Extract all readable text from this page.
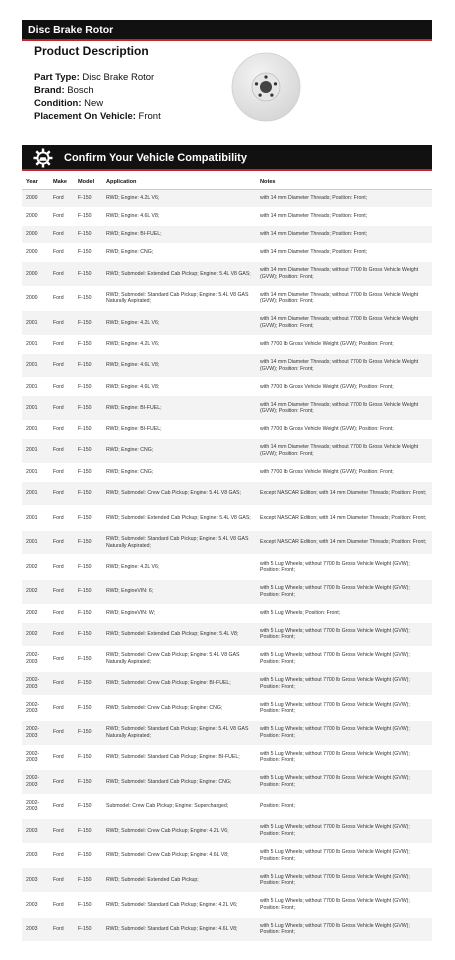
Disc Brake Rotor
Product Description
Part Type: Disc Brake Rotor
Brand: Bosch
Condition: New
Placement On Vehicle: Front
Confirm Your Vehicle Compatibility
Year	Make	Model	Application	Notes
2000	Ford	F-150	RWD; Engine: 4.2L V6;	with 14 mm Diameter Threads; Position: Front;
2000	Ford	F-150	RWD; Engine: 4.6L V8;	with 14 mm Diameter Threads; Position: Front;
2000	Ford	F-150	RWD; Engine: BI-FUEL;	with 14 mm Diameter Threads; Position: Front;
2000	Ford	F-150	RWD; Engine: CNG;	with 14 mm Diameter Threads; Position: Front;
2000	Ford	F-150	RWD; Submodel: Extended Cab Pickup; Engine: 5.4L V8 GAS;	with 14 mm Diameter Threads; without 7700 lb Gross Vehicle Weight (GVW); Position: Front;
2000	Ford	F-150	RWD; Submodel: Standard Cab Pickup; Engine: 5.4L V8 GAS Naturally Aspirated;	with 14 mm Diameter Threads; without 7700 lb Gross Vehicle Weight (GVW); Position: Front;
2001	Ford	F-150	RWD; Engine: 4.2L V6;	with 14 mm Diameter Threads; without 7700 lb Gross Vehicle Weight (GVW); Position: Front;
2001	Ford	F-150	RWD; Engine: 4.2L V6;	with 7700 lb Gross Vehicle Weight (GVW); Position: Front;
2001	Ford	F-150	RWD; Engine: 4.6L V8;	with 14 mm Diameter Threads; without 7700 lb Gross Vehicle Weight (GVW); Position: Front;
2001	Ford	F-150	RWD; Engine: 4.6L V8;	with 7700 lb Gross Vehicle Weight (GVW); Position: Front;
2001	Ford	F-150	RWD; Engine: BI-FUEL;	with 14 mm Diameter Threads; without 7700 lb Gross Vehicle Weight (GVW); Position: Front;
2001	Ford	F-150	RWD; Engine: BI-FUEL;	with 7700 lb Gross Vehicle Weight (GVW); Position: Front;
2001	Ford	F-150	RWD; Engine: CNG;	with 14 mm Diameter Threads; without 7700 lb Gross Vehicle Weight (GVW); Position: Front;
2001	Ford	F-150	RWD; Engine: CNG;	with 7700 lb Gross Vehicle Weight (GVW); Position: Front;
2001	Ford	F-150	RWD; Submodel: Crew Cab Pickup; Engine: 5.4L V8 GAS;	Except NASCAR Edition; with 14 mm Diameter Threads; Position: Front;
2001	Ford	F-150	RWD; Submodel: Extended Cab Pickup; Engine: 5.4L V8 GAS;	Except NASCAR Edition; with 14 mm Diameter Threads; Position: Front;
2001	Ford	F-150	RWD; Submodel: Standard Cab Pickup; Engine: 5.4L V8 GAS Naturally Aspirated;	Except NASCAR Edition; with 14 mm Diameter Threads; Position: Front;
2002	Ford	F-150	RWD; Engine: 4.2L V6;	with 5 Lug Wheels; without 7700 lb Gross Vehicle Weight (GVW); Position: Front;
2002	Ford	F-150	RWD; EngineVIN: 6;	with 5 Lug Wheels; without 7700 lb Gross Vehicle Weight (GVW); Position: Front;
2002	Ford	F-150	RWD; EngineVIN: W;	with 5 Lug Wheels; Position: Front;
2002	Ford	F-150	RWD; Submodel: Extended Cab Pickup; Engine: 5.4L V8;	with 5 Lug Wheels; without 7700 lb Gross Vehicle Weight (GVW); Position: Front;
2002-2003	Ford	F-150	RWD; Submodel: Crew Cab Pickup; Engine: 5.4L V8 GAS Naturally Aspirated;	with 5 Lug Wheels; without 7700 lb Gross Vehicle Weight (GVW); Position: Front;
2002-2003	Ford	F-150	RWD; Submodel: Crew Cab Pickup; Engine: BI-FUEL;	with 5 Lug Wheels; without 7700 lb Gross Vehicle Weight (GVW); Position: Front;
2002-2003	Ford	F-150	RWD; Submodel: Crew Cab Pickup; Engine: CNG;	with 5 Lug Wheels; without 7700 lb Gross Vehicle Weight (GVW); Position: Front;
2002-2003	Ford	F-150	RWD; Submodel: Standard Cab Pickup; Engine: 5.4L V8 GAS Naturally Aspirated;	with 5 Lug Wheels; without 7700 lb Gross Vehicle Weight (GVW); Position: Front;
2002-2003	Ford	F-150	RWD; Submodel: Standard Cab Pickup; Engine: BI-FUEL;	with 5 Lug Wheels; without 7700 lb Gross Vehicle Weight (GVW); Position: Front;
2002-2003	Ford	F-150	RWD; Submodel: Standard Cab Pickup; Engine: CNG;	with 5 Lug Wheels; without 7700 lb Gross Vehicle Weight (GVW); Position: Front;
2002-2003	Ford	F-150	Submodel: Crew Cab Pickup; Engine: Supercharged;	Position: Front;
2003	Ford	F-150	RWD; Submodel: Crew Cab Pickup; Engine: 4.2L V6;	with 5 Lug Wheels; without 7700 lb Gross Vehicle Weight (GVW); Position: Front;
2003	Ford	F-150	RWD; Submodel: Crew Cab Pickup; Engine: 4.6L V8;	with 5 Lug Wheels; without 7700 lb Gross Vehicle Weight (GVW); Position: Front;
2003	Ford	F-150	RWD; Submodel: Extended Cab Pickup;	with 5 Lug Wheels; without 7700 lb Gross Vehicle Weight (GVW); Position: Front;
2003	Ford	F-150	RWD; Submodel: Standard Cab Pickup; Engine: 4.2L V6;	with 5 Lug Wheels; without 7700 lb Gross Vehicle Weight (GVW); Position: Front;
2003	Ford	F-150	RWD; Submodel: Standard Cab Pickup; Engine: 4.6L V8;	with 5 Lug Wheels; without 7700 lb Gross Vehicle Weight (GVW); Position: Front;
